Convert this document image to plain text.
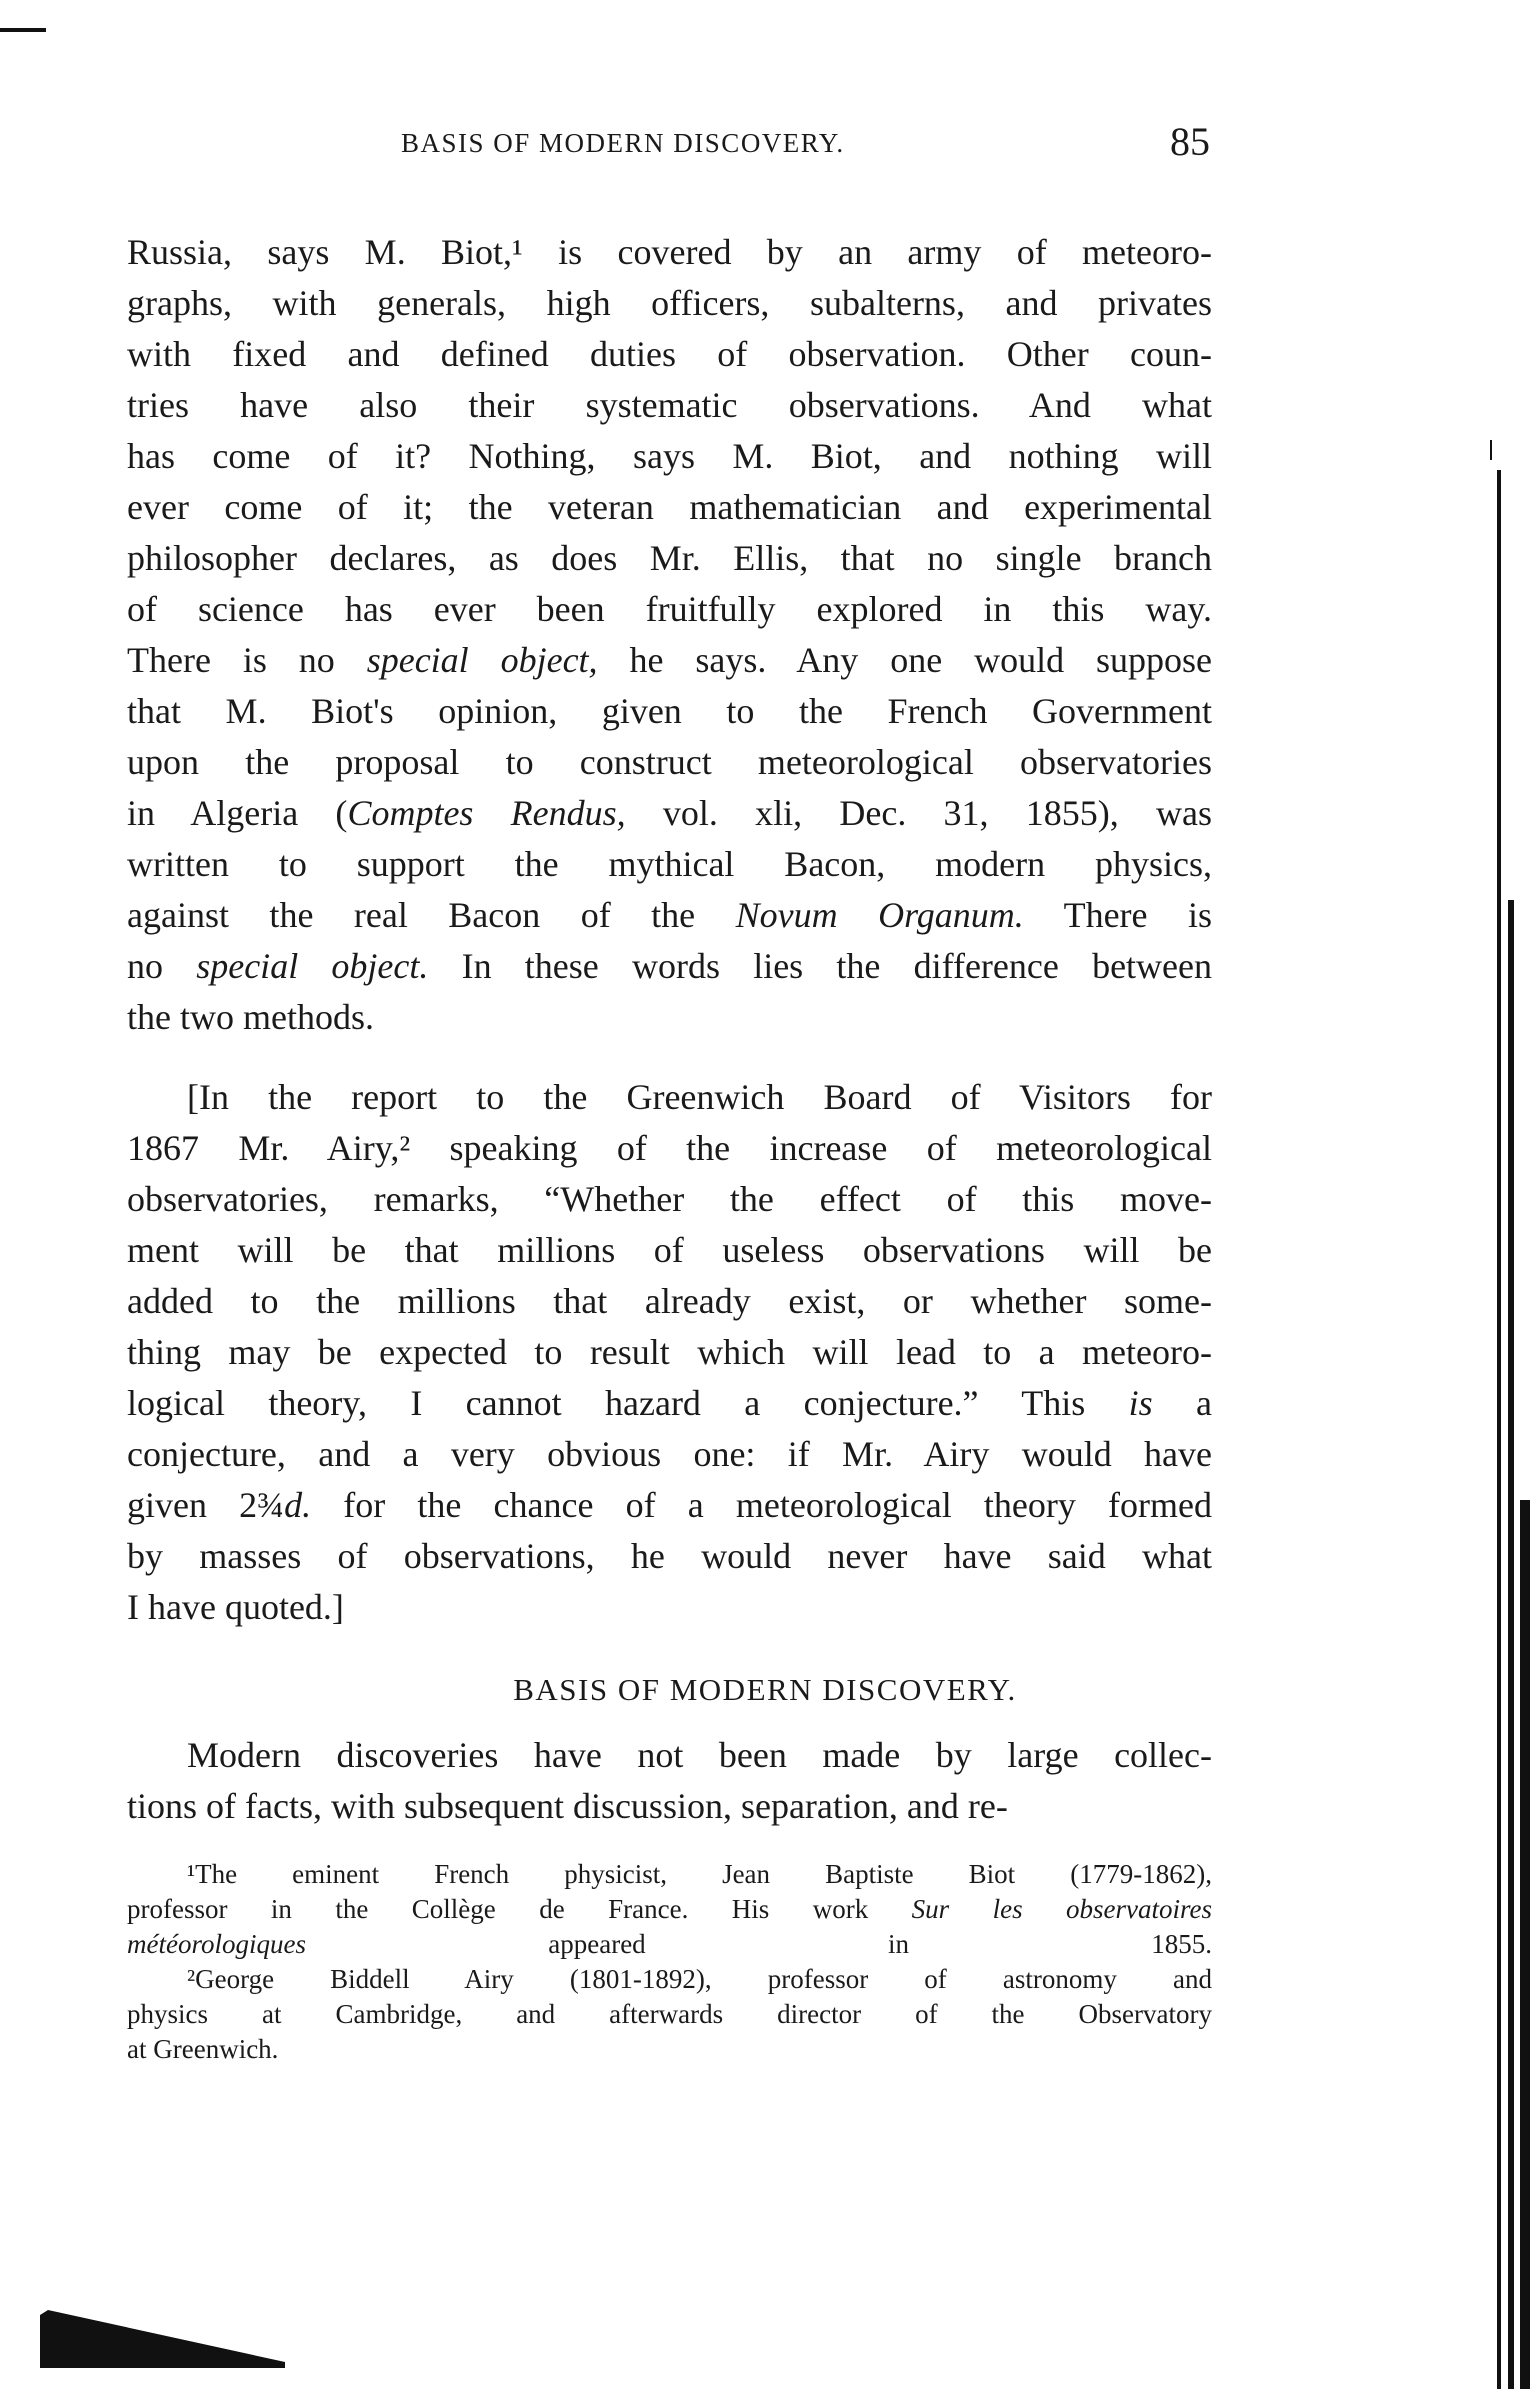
BASIS OF MODERN DISCOVERY.	85
Russia, says M. Biot,¹ is covered by an army of meteoro-
graphs, with generals, high officers, subalterns, and privates
with fixed and defined duties of observation. Other coun-
tries have also their systematic observations. And what
has come of it? Nothing, says M. Biot, and nothing will
ever come of it; the veteran mathematician and experimental
philosopher declares, as does Mr. Ellis, that no single branch
of science has ever been fruitfully explored in this way.
There is no special object, he says. Any one would suppose
that M. Biot's opinion, given to the French Government
upon the proposal to construct meteorological observatories
in Algeria (Comptes Rendus, vol. xli, Dec. 31, 1855), was
written to support the mythical Bacon, modern physics,
against the real Bacon of the Novum Organum. There is
no special object. In these words lies the difference between
the two methods.
[In the report to the Greenwich Board of Visitors for
1867 Mr. Airy,² speaking of the increase of meteorological
observatories, remarks, “Whether the effect of this move-
ment will be that millions of useless observations will be
added to the millions that already exist, or whether some-
thing may be expected to result which will lead to a meteoro-
logical theory, I cannot hazard a conjecture.” This is a
conjecture, and a very obvious one: if Mr. Airy would have
given 2¾d. for the chance of a meteorological theory formed
by masses of observations, he would never have said what
I have quoted.]
BASIS OF MODERN DISCOVERY.
Modern discoveries have not been made by large collec-
tions of facts, with subsequent discussion, separation, and re-
¹The eminent French physicist, Jean Baptiste Biot (1779-1862),
professor in the Collège de France. His work Sur les observatoires
météorologiques appeared in 1855.
²George Biddell Airy (1801-1892), professor of astronomy and
physics at Cambridge, and afterwards director of the Observatory
at Greenwich.
